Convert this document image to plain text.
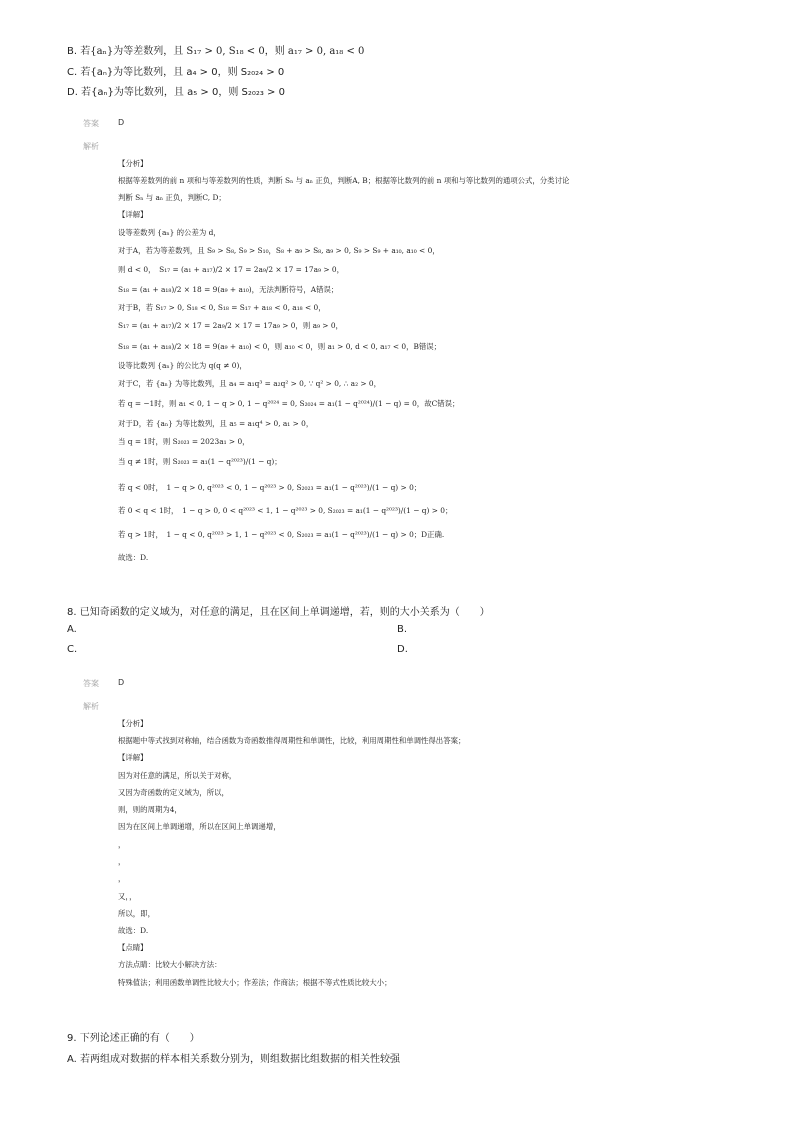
B. 若{aₙ}为等差数列，且 S₁₇ > 0, S₁₈ < 0，则 a₁₇ > 0, a₁₈ < 0
C. 若{aₙ}为等比数列，且 a₄ > 0，则 S₂₀₂₄ > 0
D. 若{aₙ}为等比数列，且 a₅ > 0，则 S₂₀₂₃ > 0
答案 D
解析
【分析】
根据等差数列的前 n 项和与等差数列的性质，判断 Sₙ 与 aₙ 正负，判断A, B；根据等比数列的前 n 项和与等比数列的通项公式，分类讨论
判断 Sₙ 与 aₙ 正负，判断C, D；
【详解】
设等差数列 {aₙ} 的公差为 d，
对于A，若为等差数列，且 S₉ > S₈, S₉ > S₁₀，S₈ + a₉ > S₈, a₉ > 0, S₉ > S₉ + a₁₀, a₁₀ < 0，
则 d < 0，　S₁₇ = (a₁ + a₁₇)/2 × 17 = 2a₉/2 × 17 = 17a₉ > 0，
S₁₈ = (a₁ + a₁₈)/2 × 18 = 9(a₉ + a₁₀)，无法判断符号，A错误；
对于B，若 S₁₇ > 0, S₁₈ < 0, S₁₈ = S₁₇ + a₁₈ < 0, a₁₈ < 0，
S₁₇ = (a₁ + a₁₇)/2 × 17 = 2a₉/2 × 17 = 17a₉ > 0，则 a₉ > 0，
S₁₈ = (a₁ + a₁₈)/2 × 18 = 9(a₉ + a₁₀) < 0，则 a₁₀ < 0，则 a₁ > 0, d < 0, a₁₇ < 0，B错误；
设等比数列 {aₙ} 的公比为 q(q ≠ 0)，
对于C，若 {aₙ} 为等比数列，且 a₄ = a₁q³ = a₂q² > 0, ∵ q² > 0, ∴ a₂ > 0，
若 q = −1时，则 a₁ < 0, 1 − q > 0, 1 − q²⁰²⁴ = 0, S₂₀₂₄ = a₁(1 − q²⁰²⁴)/(1 − q) = 0，故C错误；
对于D，若 {aₙ} 为等比数列，且 a₅ = a₁q⁴ > 0, a₁ > 0，
当 q = 1时，则 S₂₀₂₃ = 2023a₁ > 0，
当 q ≠ 1时，则 S₂₀₂₃ = a₁(1 − q²⁰²³)/(1 − q)；
若 q < 0时，　1 − q > 0, q²⁰²³ < 0, 1 − q²⁰²³ > 0, S₂₀₂₃ = a₁(1 − q²⁰²³)/(1 − q) > 0；
若 0 < q < 1时，　1 − q > 0, 0 < q²⁰²³ < 1, 1 − q²⁰²³ > 0, S₂₀₂₃ = a₁(1 − q²⁰²³)/(1 − q) > 0；
若 q > 1时，　1 − q < 0, q²⁰²³ > 1, 1 − q²⁰²³ < 0, S₂₀₂₃ = a₁(1 − q²⁰²³)/(1 − q) > 0；D正确.
故选：D.
8. 已知奇函数的定义域为，对任意的满足，且在区间上单调递增，若，则的大小关系为（　　）
A.	B.
C.	D.
答案 D
解析
【分析】
根据题中等式找到对称轴，结合函数为奇函数推得周期性和单调性，比较，利用周期性和单调性得出答案；
【详解】
因为对任意的满足，所以关于对称，
又因为奇函数的定义域为，所以，
则，则的周期为4，
因为在区间上单调递增，所以在区间上单调递增，
，
，
，
又，，
所以，即，
故选：D.
【点睛】
方法点睛：比较大小解决方法：
特殊值法；利用函数单调性比较大小；作差法；作商法；根据不等式性质比较大小；
9. 下列论述正确的有（　　）
A. 若两组成对数据的样本相关系数分别为，则组数据比组数据的相关性较强
